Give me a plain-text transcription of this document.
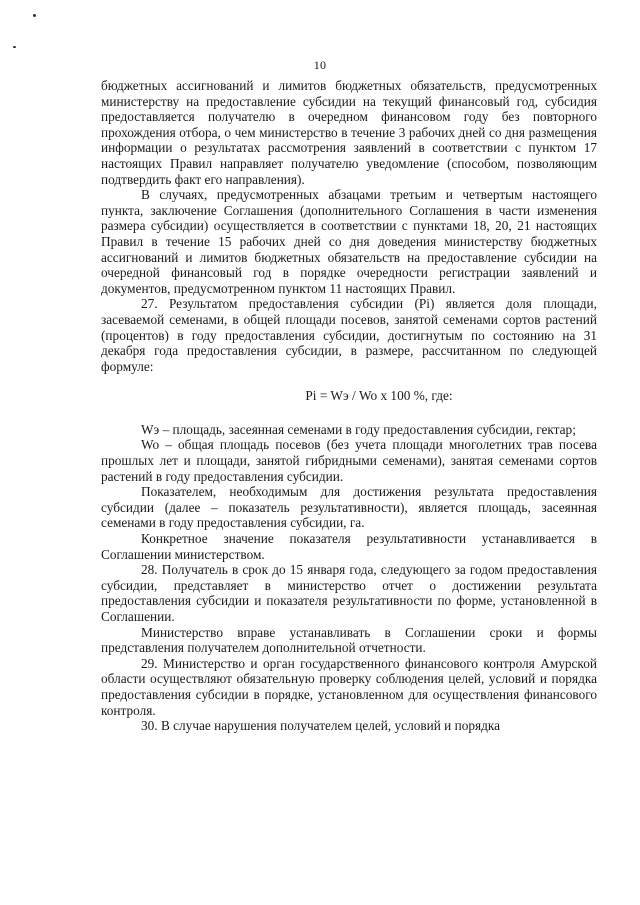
10

бюджетных ассигнований и лимитов бюджетных обязательств, предусмотренных министерству на предоставление субсидии на текущий финансовый год, субсидия предоставляется получателю в очередном финансовом году без повторного прохождения отбора, о чем министерство в течение 3 рабочих дней со дня размещения информации о результатах рассмотрения заявлений в соответствии с пунктом 17 настоящих Правил направляет получателю уведомление (способом, позволяющим подтвердить факт его направления).

В случаях, предусмотренных абзацами третьим и четвертым настоящего пункта, заключение Соглашения (дополнительного Соглашения в части изменения размера субсидии) осуществляется в соответствии с пунктами 18, 20, 21 настоящих Правил в течение 15 рабочих дней со дня доведения министерству бюджетных ассигнований и лимитов бюджетных обязательств на предоставление субсидии на очередной финансовый год в порядке очередности регистрации заявлений и документов, предусмотренном пунктом 11 настоящих Правил.

27. Результатом предоставления субсидии (Pi) является доля площади, засеваемой семенами, в общей площади посевов, занятой семенами сортов растений (процентов) в году предоставления субсидии, достигнутым по состоянию на 31 декабря года предоставления субсидии, в размере, рассчитанном по следующей формуле:

Pi = Wэ / Wo x 100 %, где:

Wэ – площадь, засеянная семенами в году предоставления субсидии, гектар;

Wo – общая площадь посевов (без учета площади многолетних трав посева прошлых лет и площади, занятой гибридными семенами), занятая семенами сортов растений в году предоставления субсидии.

Показателем, необходимым для достижения результата предоставления субсидии (далее – показатель результативности), является площадь, засеянная семенами в году предоставления субсидии, га.

Конкретное значение показателя результативности устанавливается в Соглашении министерством.

28. Получатель в срок до 15 января года, следующего за годом предоставления субсидии, представляет в министерство отчет о достижении результата предоставления субсидии и показателя результативности по форме, установленной в Соглашении.

Министерство вправе устанавливать в Соглашении сроки и формы представления получателем дополнительной отчетности.

29. Министерство и орган государственного финансового контроля Амурской области осуществляют обязательную проверку соблюдения целей, условий и порядка предоставления субсидии в порядке, установленном для осуществления финансового контроля.

30. В случае нарушения получателем целей, условий и порядка
